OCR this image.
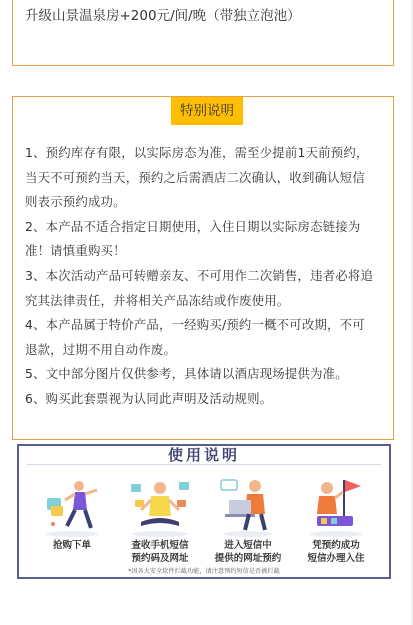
升级山景温泉房+200元/间/晚（带独立泡池）
特别说明

1、预约库存有限，以实际房态为准，需至少提前1天前预约，当天不可预约当天，预约之后需酒店二次确认，收到确认短信则表示预约成功。

2、本产品不适合指定日期使用，入住日期以实际房态链接为准！请慎重购买！

3、本次活动产品可转赠亲友、不可用作二次销售，违者必将追究其法律责任，并将相关产品冻结或作废使用。

4、本产品属于特价产品，一经购买/预约一概不可改期，不可退款，过期不用自动作废。

5、文中部分图片仅供参考，具体请以酒店现场提供为准。

6、购买此套票视为认同此声明及活动规则。

使用说明
抢购下单	查收手机短信
预约码及网址
进入短信中
提供的网址预约
凭预约成功
短信办理入住
*因各大安全软件拦截功能，请注意预约短信是否被拦截
